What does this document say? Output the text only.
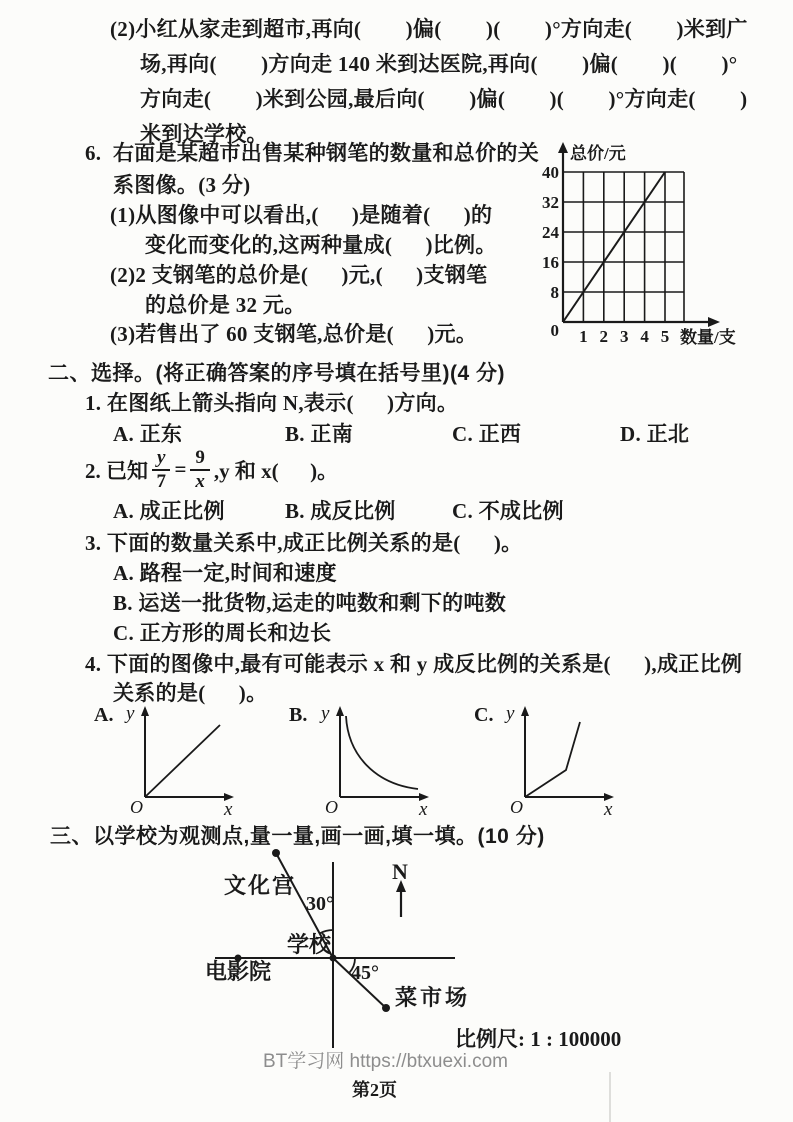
(2)小红从家走到超市,再向(        )偏(        )(        )°方向走(        )米到广
场,再向(        )方向走 140 米到达医院,再向(        )偏(        )(        )°
方向走(        )米到公园,最后向(        )偏(        )(        )°方向走(        )
米到达学校。
6. 右面是某超市出售某种钢笔的数量和总价的关
系图像。(3 分)
(1)从图像中可以看出,(      )是随着(      )的
变化而变化的,这两种量成(      )比例。
(2)2 支钢笔的总价是(      )元,(      )支钢笔
的总价是 32 元。
(3)若售出了 60 支钢笔,总价是(      )元。
总价/元
数量/支
40
32
24
16
8
0 1 2 3 4 5
二、选择。(将正确答案的序号填在括号里)(4 分)
1. 在图纸上箭头指向 N,表示(      )方向。
A. 正东	B. 正南	C. 正西	D. 正北
2. 已知 $\frac{y}{7} = \frac{9}{x} ,y$ 和 x(      )。
A. 成正比例	B. 成反比例	C. 不成比例
3. 下面的数量关系中,成正比例关系的是(      )。
A. 路程一定,时间和速度
B. 运送一批货物,运走的吨数和剩下的吨数
C. 正方形的周长和边长
4. 下面的图像中,最有可能表示 x 和 y 成反比例的关系是(      ),成正比例
关系的是(      )。
A. y
O	x
B. y
O	x
C. y
O	x
三、以学校为观测点,量一量,画一画,填一填。(10 分)
N
文化宫
30°
学校
电影院	45°
菜市场
比例尺: 1 : 100000
BT学习网 https://btxuexi.com
第2页
